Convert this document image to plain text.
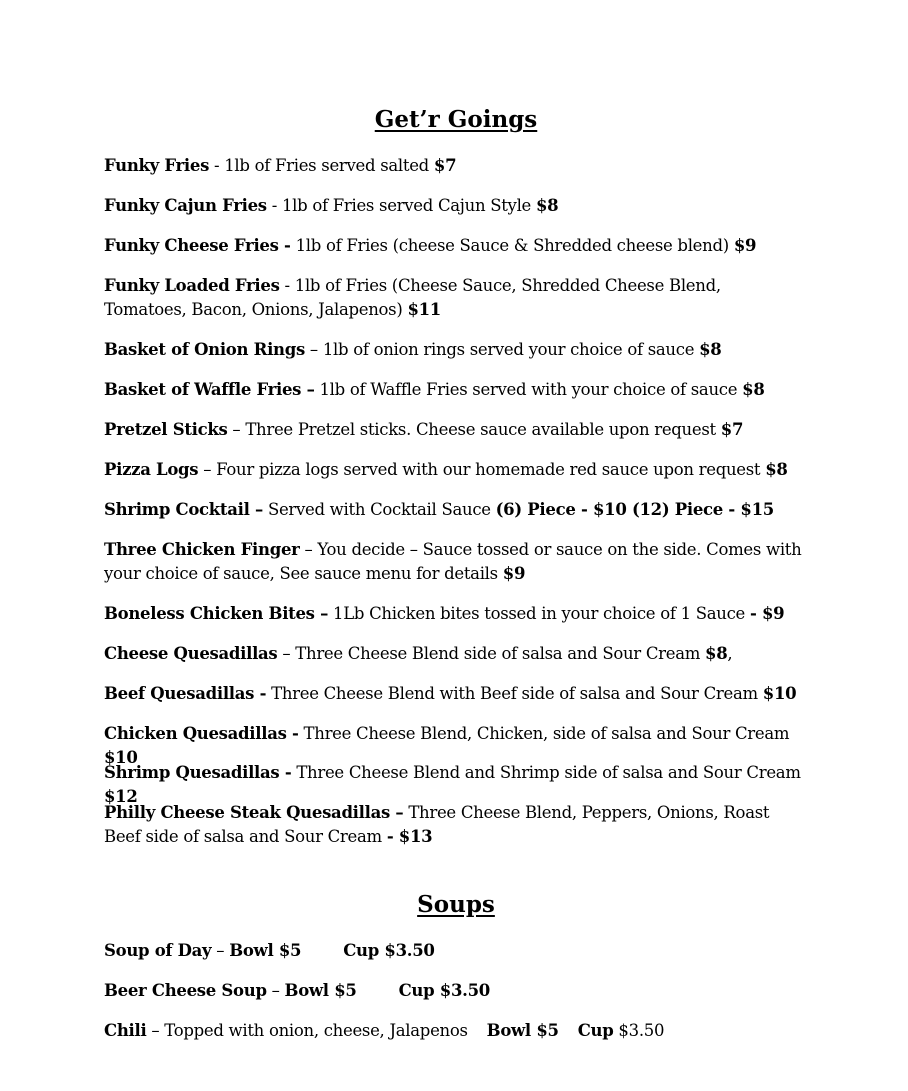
Get’r Goings

Funky Fries - 1lb of Fries served salted $7

Funky Cajun Fries - 1lb of Fries served Cajun Style $8

Funky Cheese Fries - 1lb of Fries (cheese Sauce & Shredded cheese blend) $9

Funky Loaded Fries - 1lb of Fries (Cheese Sauce, Shredded Cheese Blend, Tomatoes, Bacon, Onions, Jalapenos) $11

Basket of Onion Rings – 1lb of onion rings served your choice of sauce $8

Basket of Waffle Fries – 1lb of Waffle Fries served with your choice of sauce $8

Pretzel Sticks – Three Pretzel sticks. Cheese sauce available upon request $7

Pizza Logs – Four pizza logs served with our homemade red sauce upon request $8

Shrimp Cocktail – Served with Cocktail Sauce (6) Piece - $10 (12) Piece - $15

Three Chicken Finger – You decide – Sauce tossed or sauce on the side. Comes with your choice of sauce, See sauce menu for details $9

Boneless Chicken Bites – 1Lb Chicken bites tossed in your choice of 1 Sauce - $9

Cheese Quesadillas – Three Cheese Blend side of salsa and Sour Cream $8,

Beef Quesadillas - Three Cheese Blend with Beef side of salsa and Sour Cream $10

Chicken Quesadillas - Three Cheese Blend, Chicken, side of salsa and Sour Cream $10

Shrimp Quesadillas - Three Cheese Blend and Shrimp side of salsa and Sour Cream $12

Philly Cheese Steak Quesadillas – Three Cheese Blend, Peppers, Onions, Roast Beef side of salsa and Sour Cream - $13

Soups

Soup of Day – Bowl $5	Cup $3.50

Beer Cheese Soup – Bowl $5	Cup $3.50

Chili – Topped with onion, cheese, Jalapenos Bowl $5 Cup $3.50
